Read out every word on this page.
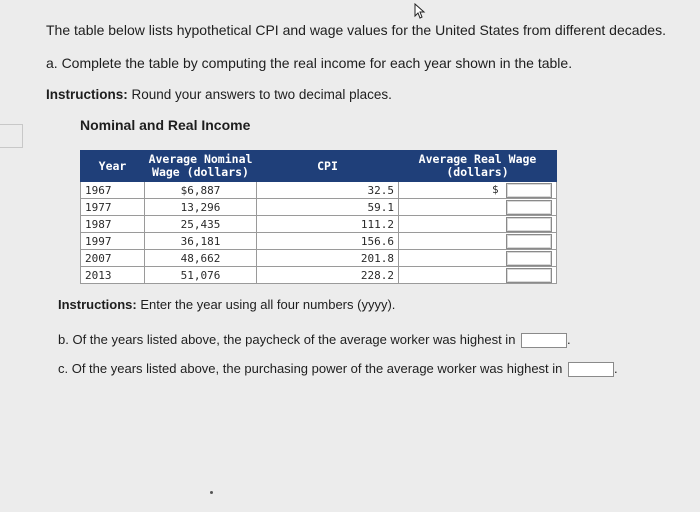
The table below lists hypothetical CPI and wage values for the United States from different decades.
a. Complete the table by computing the real income for each year shown in the table.
Instructions: Round your answers to two decimal places.
Nominal and Real Income
Year	Average Nominal Wage (dollars)	CPI	Average Real Wage (dollars)
1967	$6,887	32.5	$
1977	13,296	59.1	
1987	25,435	111.2	
1997	36,181	156.6	
2007	48,662	201.8	
2013	51,076	228.2	
Instructions: Enter the year using all four numbers (yyyy).
b. Of the years listed above, the paycheck of the average worker was highest in	.
c. Of the years listed above, the purchasing power of the average worker was highest in	.
